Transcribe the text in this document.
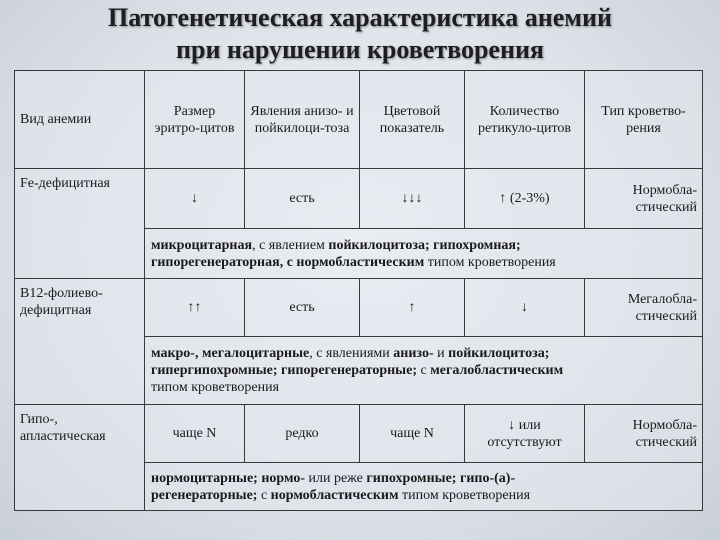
Патогенетическая характеристика анемий
при нарушении кроветворения
Вид анемии	Размер эритро-цитов	Явления анизо- и пойкилоци-тоза	Цветовой показатель	Количество ретикуло-цитов	Тип кроветво-рения
Fe-дефицитная	↓	есть	↓↓↓	↑ (2-3%)	Нормобла-стический
	микроцитарная, с явлением пойкилоцитоза; гипохромная;
гипорегенераторная, с нормобластическим типом кроветворения				
В12-фолиево-дефицитная	↑↑	есть	↑	↓	Мегалобла-стический
	макро-, мегалоцитарные, с явлениями анизо- и пойкилоцитоза;
гипергипохромные; гипорегенераторные; с мегалобластическим
типом кроветворения				
Гипо-, апластическая	чаще N	редко	чаще N	↓ или отсутствуют	Нормобла-стический
	нормоцитарные; нормо- или реже гипохромные; гипо-(а)-
регенераторные; с нормобластическим типом кроветворения				
